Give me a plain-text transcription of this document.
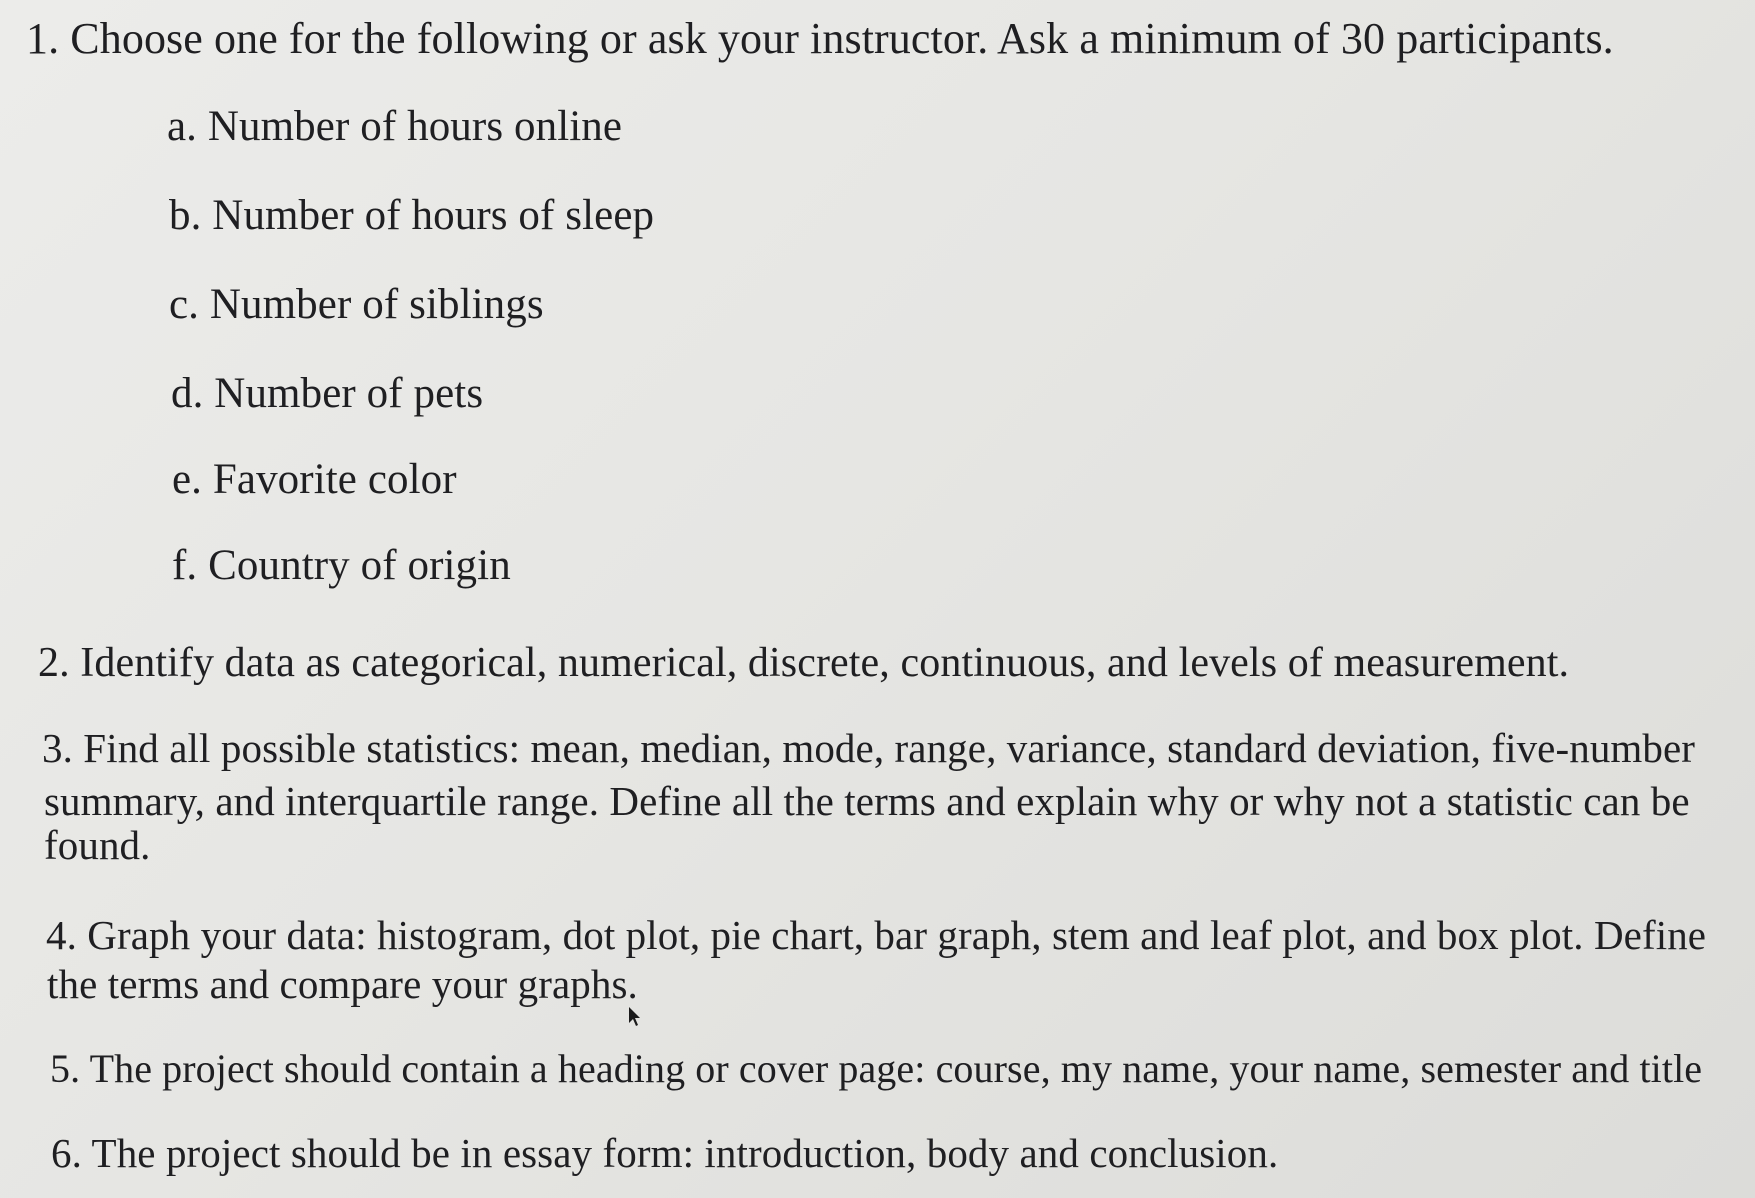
1. Choose one for the following or ask your instructor. Ask a minimum of 30 participants.
a. Number of hours online
b. Number of hours of sleep
c. Number of siblings
d. Number of pets
e. Favorite color
f. Country of origin
2. Identify data as categorical, numerical, discrete, continuous, and levels of measurement.
3. Find all possible statistics: mean, median, mode, range, variance, standard deviation, five-number
summary, and interquartile range. Define all the terms and explain why or why not a statistic can be
found.
4. Graph your data: histogram, dot plot, pie chart, bar graph, stem and leaf plot, and box plot. Define
the terms and compare your graphs.
5. The project should contain a heading or cover page: course, my name, your name, semester and title
6. The project should be in essay form: introduction, body and conclusion.
